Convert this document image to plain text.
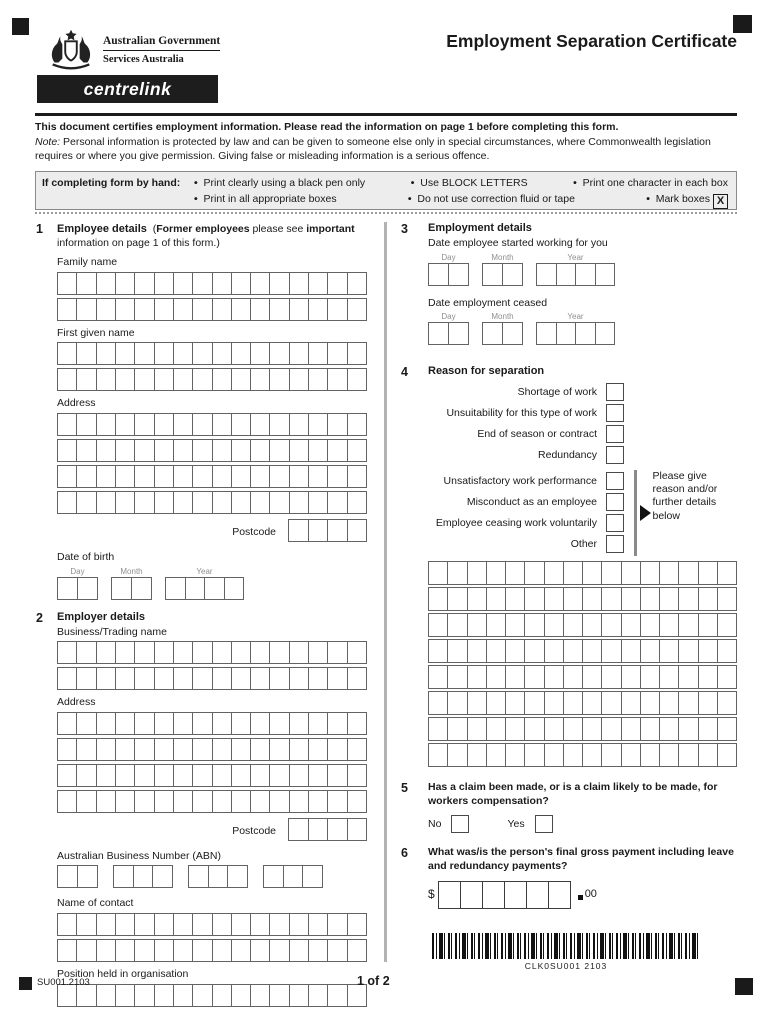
Australian Government
Services Australia
centrelink
Employment Separation Certificate
This document certifies employment information. Please read the information on page 1 before completing this form.
Note: Personal information is protected by law and can be given to someone else only in special circumstances, where Commonwealth legislation requires or where you give permission. Giving false or misleading information is a serious offence.
If completing form by hand:	•  Print clearly using a black pen only	•  Use BLOCK LETTERS	•  Print one character in each box
•  Print in all appropriate boxes	•  Do not use correction fluid or tape	•  Mark boxes X
1 Employee details (Former employees please see important information on page 1 of this form.)
Family name
First given name
Address
Postcode
Date of birth
Day	Month	Year
2 Employer details
Business/Trading name
Address
Postcode
Australian Business Number (ABN)
Name of contact
Position held in organisation
3 Employment details
Date employee started working for you
Day	Month	Year
Date employment ceased
Day	Month	Year
4 Reason for separation
Shortage of work
Unsuitability for this type of work
End of season or contract
Redundancy
Unsatisfactory work performance
Misconduct as an employee
Employee ceasing work voluntarily
Other
Please give reason and/or further details below
5 Has a claim been made, or is a claim likely to be made, for workers compensation?
No	Yes
6 What was/is the person's final gross payment including leave and redundancy payments?
$	00
CLK0SU001 2103
SU001.2103	1 of 2
